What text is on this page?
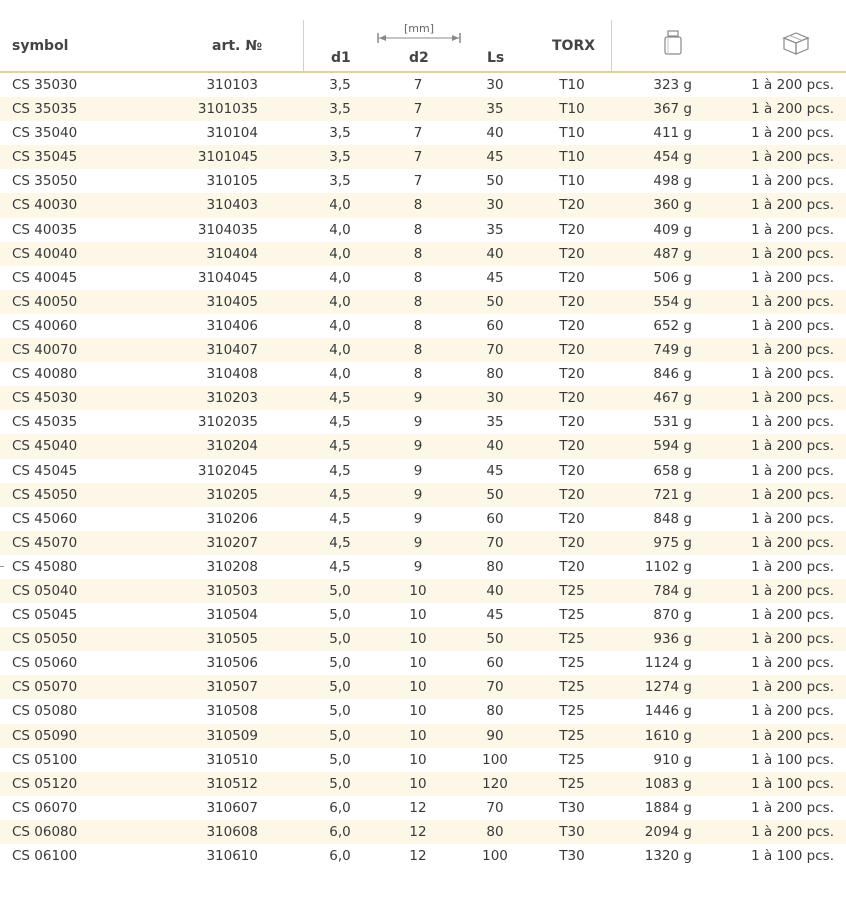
symbol	art. №
[mm]
d1	d2	Ls
TORX
CS 35030	310103	3,5	7	30	T10	323 g	1 à 200 pcs.
CS 35035	3101035	3,5	7	35	T10	367 g	1 à 200 pcs.
CS 35040	310104	3,5	7	40	T10	411 g	1 à 200 pcs.
CS 35045	3101045	3,5	7	45	T10	454 g	1 à 200 pcs.
CS 35050	310105	3,5	7	50	T10	498 g	1 à 200 pcs.
CS 40030	310403	4,0	8	30	T20	360 g	1 à 200 pcs.
CS 40035	3104035	4,0	8	35	T20	409 g	1 à 200 pcs.
CS 40040	310404	4,0	8	40	T20	487 g	1 à 200 pcs.
CS 40045	3104045	4,0	8	45	T20	506 g	1 à 200 pcs.
CS 40050	310405	4,0	8	50	T20	554 g	1 à 200 pcs.
CS 40060	310406	4,0	8	60	T20	652 g	1 à 200 pcs.
CS 40070	310407	4,0	8	70	T20	749 g	1 à 200 pcs.
CS 40080	310408	4,0	8	80	T20	846 g	1 à 200 pcs.
CS 45030	310203	4,5	9	30	T20	467 g	1 à 200 pcs.
CS 45035	3102035	4,5	9	35	T20	531 g	1 à 200 pcs.
CS 45040	310204	4,5	9	40	T20	594 g	1 à 200 pcs.
CS 45045	3102045	4,5	9	45	T20	658 g	1 à 200 pcs.
CS 45050	310205	4,5	9	50	T20	721 g	1 à 200 pcs.
CS 45060	310206	4,5	9	60	T20	848 g	1 à 200 pcs.
CS 45070	310207	4,5	9	70	T20	975 g	1 à 200 pcs.
CS 45080	310208	4,5	9	80	T20	1102 g	1 à 200 pcs.
CS 05040	310503	5,0	10	40	T25	784 g	1 à 200 pcs.
CS 05045	310504	5,0	10	45	T25	870 g	1 à 200 pcs.
CS 05050	310505	5,0	10	50	T25	936 g	1 à 200 pcs.
CS 05060	310506	5,0	10	60	T25	1124 g	1 à 200 pcs.
CS 05070	310507	5,0	10	70	T25	1274 g	1 à 200 pcs.
CS 05080	310508	5,0	10	80	T25	1446 g	1 à 200 pcs.
CS 05090	310509	5,0	10	90	T25	1610 g	1 à 200 pcs.
CS 05100	310510	5,0	10	100	T25	910 g	1 à 100 pcs.
CS 05120	310512	5,0	10	120	T25	1083 g	1 à 100 pcs.
CS 06070	310607	6,0	12	70	T30	1884 g	1 à 200 pcs.
CS 06080	310608	6,0	12	80	T30	2094 g	1 à 200 pcs.
CS 06100	310610	6,0	12	100	T30	1320 g	1 à 100 pcs.
